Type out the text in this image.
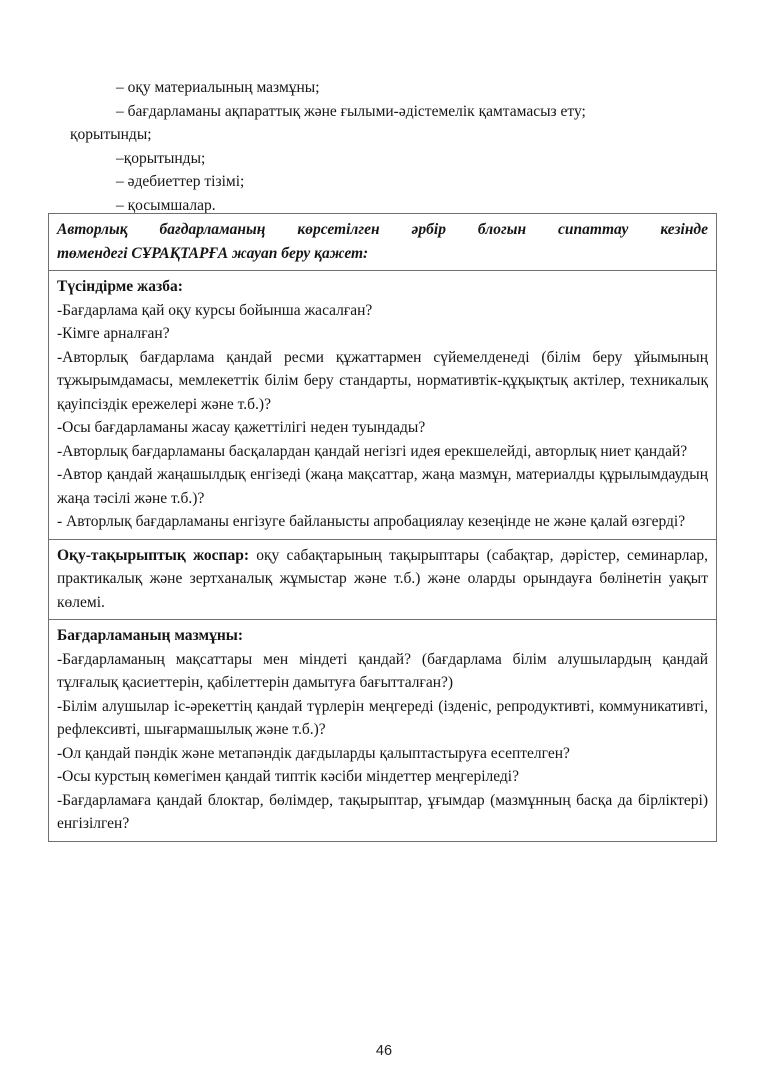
– оқу материалының мазмұны;
– бағдарламаны ақпараттық және ғылыми-әдістемелік қамтамасыз ету;
қорытынды;
–қорытынды;
– әдебиеттер тізімі;
– қосымшалар.
Авторлық бағдарламаның көрсетілген әрбір блогын сипаттау кезінде
төмендегі СҰРАҚТАРҒА жауап беру қажет:
Түсіндірме жазба:
-Бағдарлама қай оқу курсы бойынша жасалған?
-Кімге арналған?
-Авторлық бағдарлама қандай ресми құжаттармен сүйемелденеді (білім беру ұйымының тұжырымдамасы, мемлекеттік білім беру стандарты, нормативтік-құқықтық актілер, техникалық қауіпсіздік ережелері және т.б.)?
-Осы бағдарламаны жасау қажеттілігі неден туындады?
-Авторлық бағдарламаны басқалардан қандай негізгі идея ерекшелейді, авторлық ниет қандай?
-Автор қандай жаңашылдық енгізеді (жаңа мақсаттар, жаңа мазмұн, материалды құрылымдаудың жаңа тәсілі және т.б.)?
- Авторлық бағдарламаны енгізуге байланысты апробациялау кезеңінде не және қалай өзгерді?
Оқу-тақырыптық жоспар: оқу сабақтарының тақырыптары (сабақтар, дәрістер, семинарлар, практикалық және зертханалық жұмыстар және т.б.) және оларды орындауға бөлінетін уақыт көлемі.
Бағдарламаның мазмұны:
-Бағдарламаның мақсаттары мен міндеті қандай? (бағдарлама білім алушылардың қандай тұлғалық қасиеттерін, қабілеттерін дамытуға бағытталған?)
-Білім алушылар іс-әрекеттің қандай түрлерін меңгереді (ізденіс, репродуктивті, коммуникативті, рефлексивті, шығармашылық және т.б.)?
-Ол қандай пәндік және метапәндік дағдыларды қалыптастыруға есептелген?
-Осы курстың көмегімен қандай типтік кәсіби міндеттер меңгеріледі?
-Бағдарламаға қандай блоктар, бөлімдер, тақырыптар, ұғымдар (мазмұнның басқа да бірліктері) енгізілген?
46
